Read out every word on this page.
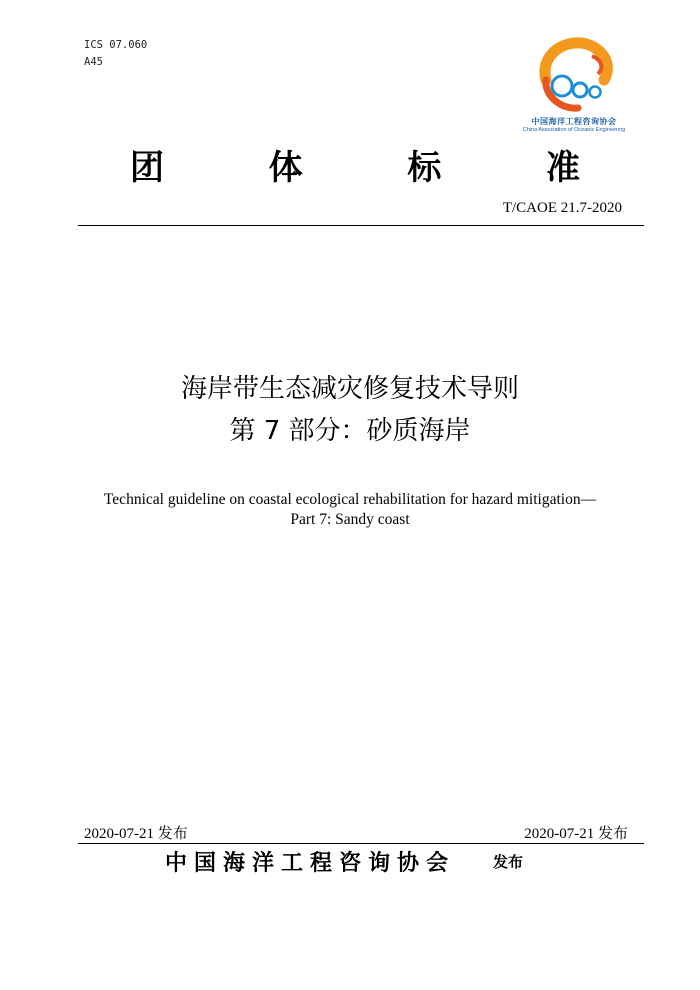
ICS 07.060
A45
中国海洋工程咨询协会
China Association of Oceanic Engineering
团	体	标	准
T/CAOE 21.7-2020
海岸带生态减灾修复技术导则
第 7 部分：砂质海岸
Technical guideline on coastal ecological rehabilitation for hazard mitigation—
Part 7: Sandy coast
2020-07-21 发布	2020-07-21 发布
中国海洋工程咨询协会	发布
